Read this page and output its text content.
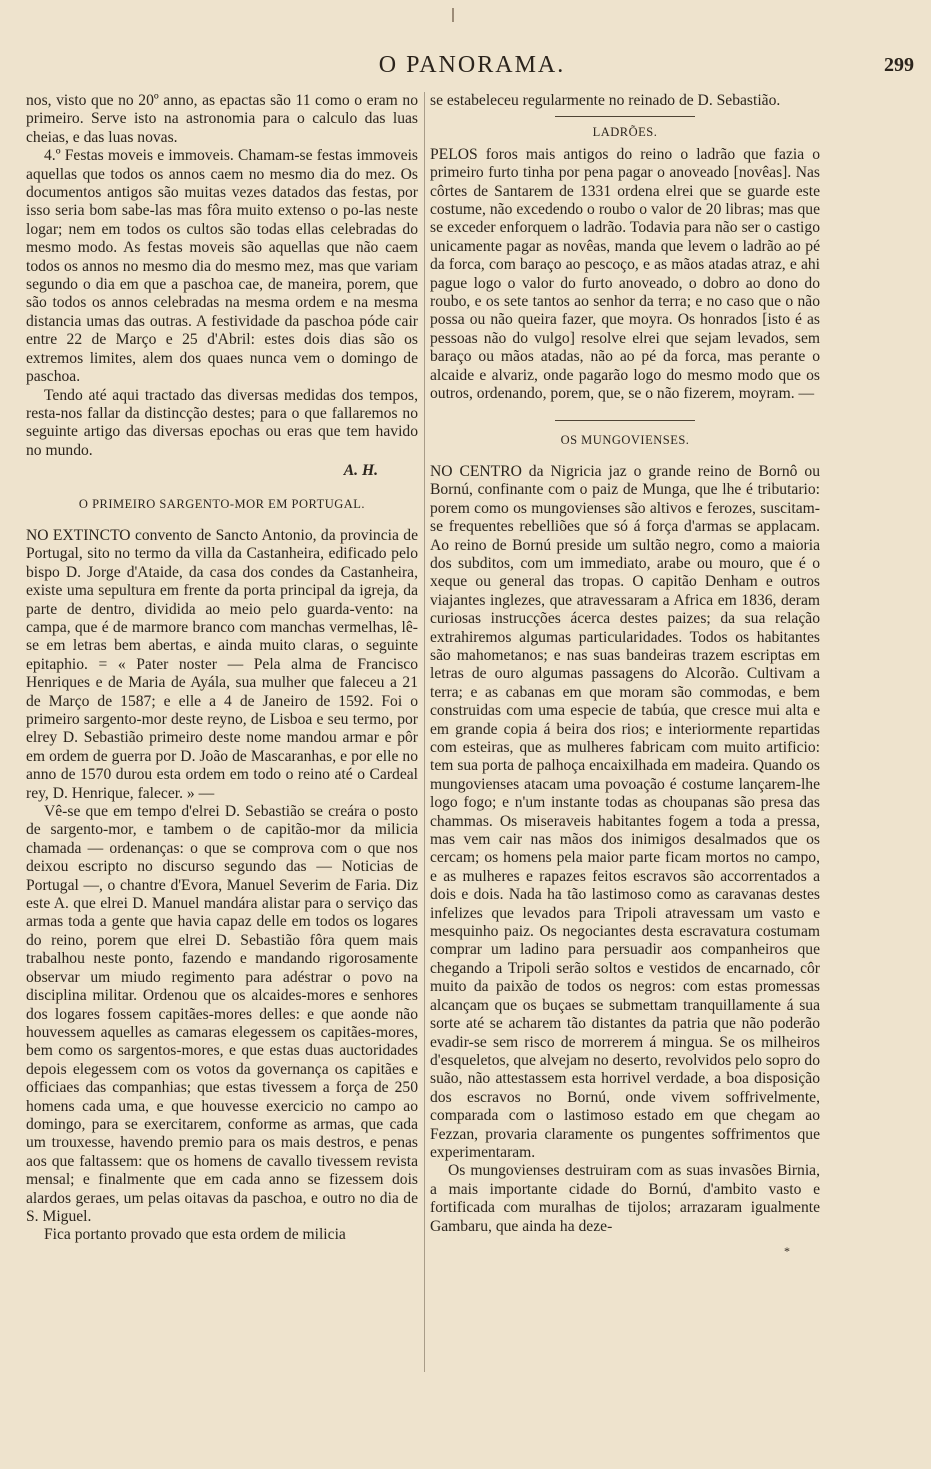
O PANORAMA.	299

nos, visto que no 20º anno, as epactas são 11 como o eram no primeiro. Serve isto na astronomia para o calculo das luas cheias, e das luas novas.

4.º Festas moveis e immoveis. Chamam-se festas immoveis aquellas que todos os annos caem no mesmo dia do mez. Os documentos antigos são muitas vezes datados das festas, por isso seria bom sabe-las mas fôra muito extenso o po-las neste logar; nem em todos os cultos são todas ellas celebradas do mesmo modo. As festas moveis são aquellas que não caem todos os annos no mesmo dia do mesmo mez, mas que variam segundo o dia em que a paschoa cae, de maneira, porem, que são todos os annos celebradas na mesma ordem e na mesma distancia umas das outras. A festividade da paschoa póde cair entre 22 de Março e 25 d'Abril: estes dois dias são os extremos limites, alem dos quaes nunca vem o domingo de paschoa.

Tendo até aqui tractado das diversas medidas dos tempos, resta-nos fallar da distincção destes; para o que fallaremos no seguinte artigo das diversas epochas ou eras que tem havido no mundo.

A. H.

O PRIMEIRO SARGENTO-MOR EM PORTUGAL.

NO EXTINCTO convento de Sancto Antonio, da provincia de Portugal, sito no termo da villa da Castanheira, edificado pelo bispo D. Jorge d'Ataide, da casa dos condes da Castanheira, existe uma sepultura em frente da porta principal da igreja, da parte de dentro, dividida ao meio pelo guarda-vento: na campa, que é de marmore branco com manchas vermelhas, lê-se em letras bem abertas, e ainda muito claras, o seguinte epitaphio. = « Pater noster — Pela alma de Francisco Henriques e de Maria de Ayála, sua mulher que faleceu a 21 de Março de 1587; e elle a 4 de Janeiro de 1592. Foi o primeiro sargento-mor deste reyno, de Lisboa e seu termo, por elrey D. Sebastião primeiro deste nome mandou armar e pôr em ordem de guerra por D. João de Mascaranhas, e por elle no anno de 1570 durou esta ordem em todo o reino até o Cardeal rey, D. Henrique, falecer. » —

Vê-se que em tempo d'elrei D. Sebastião se creára o posto de sargento-mor, e tambem o de capitão-mor da milicia chamada — ordenanças: o que se comprova com o que nos deixou escripto no discurso segundo das — Noticias de Portugal —, o chantre d'Evora, Manuel Severim de Faria. Diz este A. que elrei D. Manuel mandára alistar para o serviço das armas toda a gente que havia capaz delle em todos os logares do reino, porem que elrei D. Sebastião fôra quem mais trabalhou neste ponto, fazendo e mandando rigorosamente observar um miudo regimento para adéstrar o povo na disciplina militar. Ordenou que os alcaides-mores e senhores dos logares fossem capitães-mores delles: e que aonde não houvessem aquelles as camaras elegessem os capitães-mores, bem como os sargentos-mores, e que estas duas auctoridades depois elegessem com os votos da governança os capitães e officiaes das companhias; que estas tivessem a força de 250 homens cada uma, e que houvesse exercicio no campo ao domingo, para se exercitarem, conforme as armas, que cada um trouxesse, havendo premio para os mais destros, e penas aos que faltassem: que os homens de cavallo tivessem revista mensal; e finalmente que em cada anno se fizessem dois alardos geraes, um pelas oitavas da paschoa, e outro no dia de S. Miguel.

Fica portanto provado que esta ordem de milicia

se estabeleceu regularmente no reinado de D. Sebastião.

LADRÕES.

PELOS foros mais antigos do reino o ladrão que fazia o primeiro furto tinha por pena pagar o anoveado [novêas]. Nas côrtes de Santarem de 1331 ordena elrei que se guarde este costume, não excedendo o roubo o valor de 20 libras; mas que se exceder enforquem o ladrão. Todavia para não ser o castigo unicamente pagar as novêas, manda que levem o ladrão ao pé da forca, com baraço ao pescoço, e as mãos atadas atraz, e ahi pague logo o valor do furto anoveado, o dobro ao dono do roubo, e os sete tantos ao senhor da terra; e no caso que o não possa ou não queira fazer, que moyra. Os honrados [isto é as pessoas não do vulgo] resolve elrei que sejam levados, sem baraço ou mãos atadas, não ao pé da forca, mas perante o alcaide e alvariz, onde pagarão logo do mesmo modo que os outros, ordenando, porem, que, se o não fizerem, moyram. —

OS MUNGOVIENSES.

NO CENTRO da Nigricia jaz o grande reino de Bornô ou Bornú, confinante com o paiz de Munga, que lhe é tributario: porem como os mungovienses são altivos e ferozes, suscitam-se frequentes rebelliões que só á força d'armas se applacam. Ao reino de Bornú preside um sultão negro, como a maioria dos subditos, com um immediato, arabe ou mouro, que é o xeque ou general das tropas. O capitão Denham e outros viajantes inglezes, que atravessaram a Africa em 1836, deram curiosas instrucções ácerca destes paizes; da sua relação extrahiremos algumas particularidades. Todos os habitantes são mahometanos; e nas suas bandeiras trazem escriptas em letras de ouro algumas passagens do Alcorão. Cultivam a terra; e as cabanas em que moram são commodas, e bem construidas com uma especie de tabúa, que cresce mui alta e em grande copia á beira dos rios; e interiormente repartidas com esteiras, que as mulheres fabricam com muito artificio: tem sua porta de palhoça encaixilhada em madeira. Quando os mungovienses atacam uma povoação é costume lançarem-lhe logo fogo; e n'um instante todas as choupanas são presa das chammas. Os miseraveis habitantes fogem a toda a pressa, mas vem cair nas mãos dos inimigos desalmados que os cercam; os homens pela maior parte ficam mortos no campo, e as mulheres e rapazes feitos escravos são accorrentados a dois e dois. Nada ha tão lastimoso como as caravanas destes infelizes que levados para Tripoli atravessam um vasto e mesquinho paiz. Os negociantes desta escravatura costumam comprar um ladino para persuadir aos companheiros que chegando a Tripoli serão soltos e vestidos de encarnado, côr muito da paixão de todos os negros: com estas promessas alcançam que os buçaes se submettam tranquillamente á sua sorte até se acharem tão distantes da patria que não poderão evadir-se sem risco de morrerem á mingua. Se os milheiros d'esqueletos, que alvejam no deserto, revolvidos pelo sopro do suão, não attestassem esta horrivel verdade, a boa disposição dos escravos no Bornú, onde vivem soffrivelmente, comparada com o lastimoso estado em que chegam ao Fezzan, provaria claramente os pungentes soffrimentos que experimentaram.

Os mungovienses destruiram com as suas invasões Birnia, a mais importante cidade do Bornú, d'ambito vasto e fortificada com muralhas de tijolos; arrazaram igualmente Gambaru, que ainda ha deze-

*
